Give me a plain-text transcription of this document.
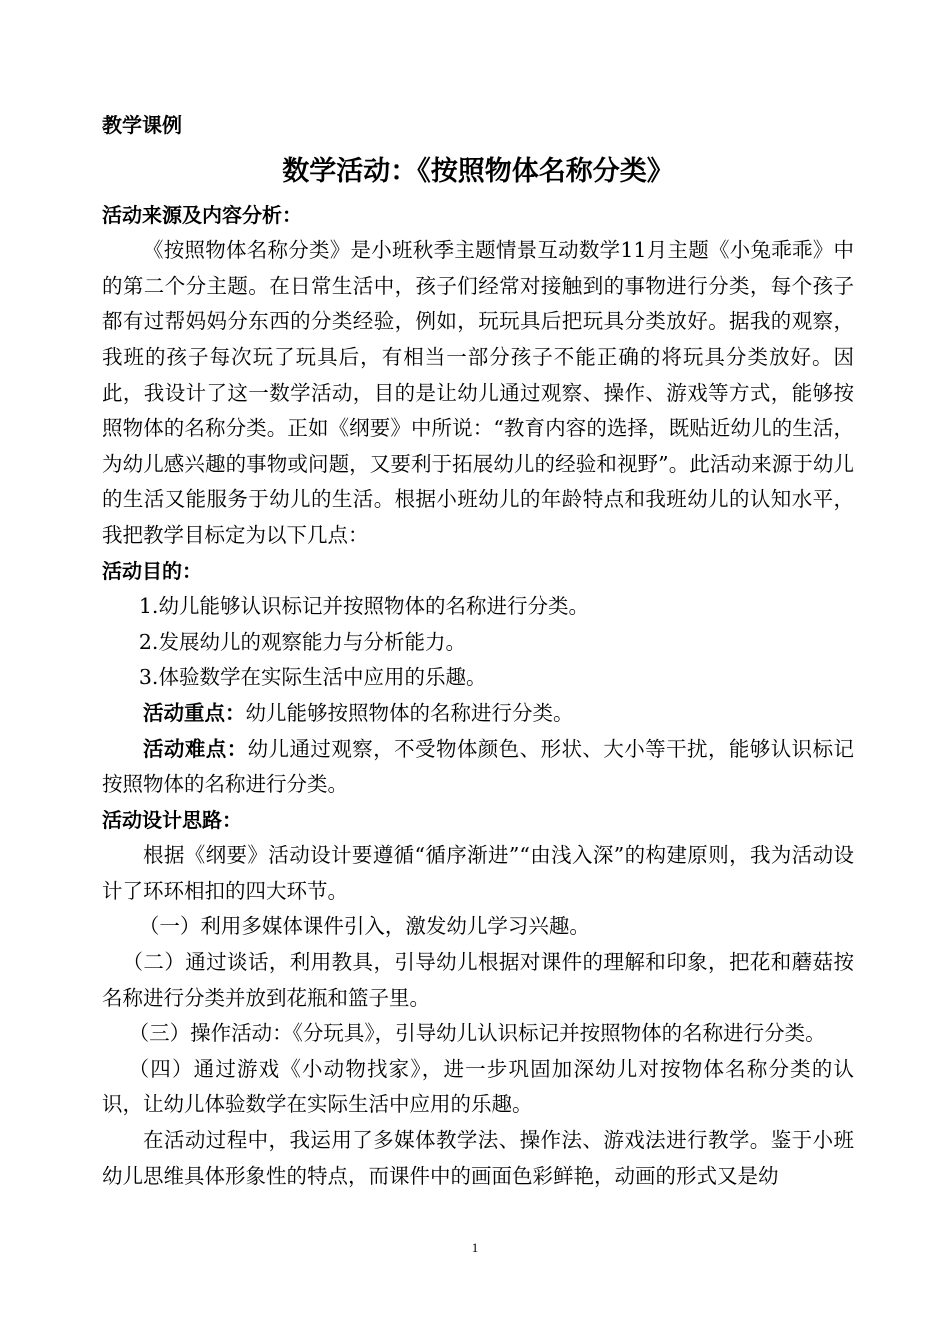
教学课例
数学活动：《按照物体名称分类》
活动来源及内容分析：

《按照物体名称分类》是小班秋季主题情景互动数学11月主题《小兔乖乖》中的第二个分主题。在日常生活中，孩子们经常对接触到的事物进行分类，每个孩子都有过帮妈妈分东西的分类经验，例如，玩玩具后把玩具分类放好。据我的观察，我班的孩子每次玩了玩具后，有相当一部分孩子不能正确的将玩具分类放好。因此，我设计了这一数学活动，目的是让幼儿通过观察、操作、游戏等方式，能够按照物体的名称分类。正如《纲要》中所说：“教育内容的选择，既贴近幼儿的生活，为幼儿感兴趣的事物或问题，又要利于拓展幼儿的经验和视野”。此活动来源于幼儿的生活又能服务于幼儿的生活。根据小班幼儿的年龄特点和我班幼儿的认知水平，我把教学目标定为以下几点：

活动目的：

1.幼儿能够认识标记并按照物体的名称进行分类。

2.发展幼儿的观察能力与分析能力。

3.体验数学在实际生活中应用的乐趣。

活动重点：幼儿能够按照物体的名称进行分类。

活动难点：幼儿通过观察，不受物体颜色、形状、大小等干扰，能够认识标记按照物体的名称进行分类。

活动设计思路：

根据《纲要》活动设计要遵循“循序渐进”“由浅入深”的构建原则，我为活动设计了环环相扣的四大环节。

（一）利用多媒体课件引入，激发幼儿学习兴趣。

（二）通过谈话，利用教具，引导幼儿根据对课件的理解和印象，把花和蘑菇按名称进行分类并放到花瓶和篮子里。

（三）操作活动：《分玩具》，引导幼儿认识标记并按照物体的名称进行分类。

（四）通过游戏《小动物找家》，进一步巩固加深幼儿对按物体名称分类的认识，让幼儿体验数学在实际生活中应用的乐趣。

在活动过程中，我运用了多媒体教学法、操作法、游戏法进行教学。鉴于小班幼儿思维具体形象性的特点，而课件中的画面色彩鲜艳，动画的形式又是幼

1
